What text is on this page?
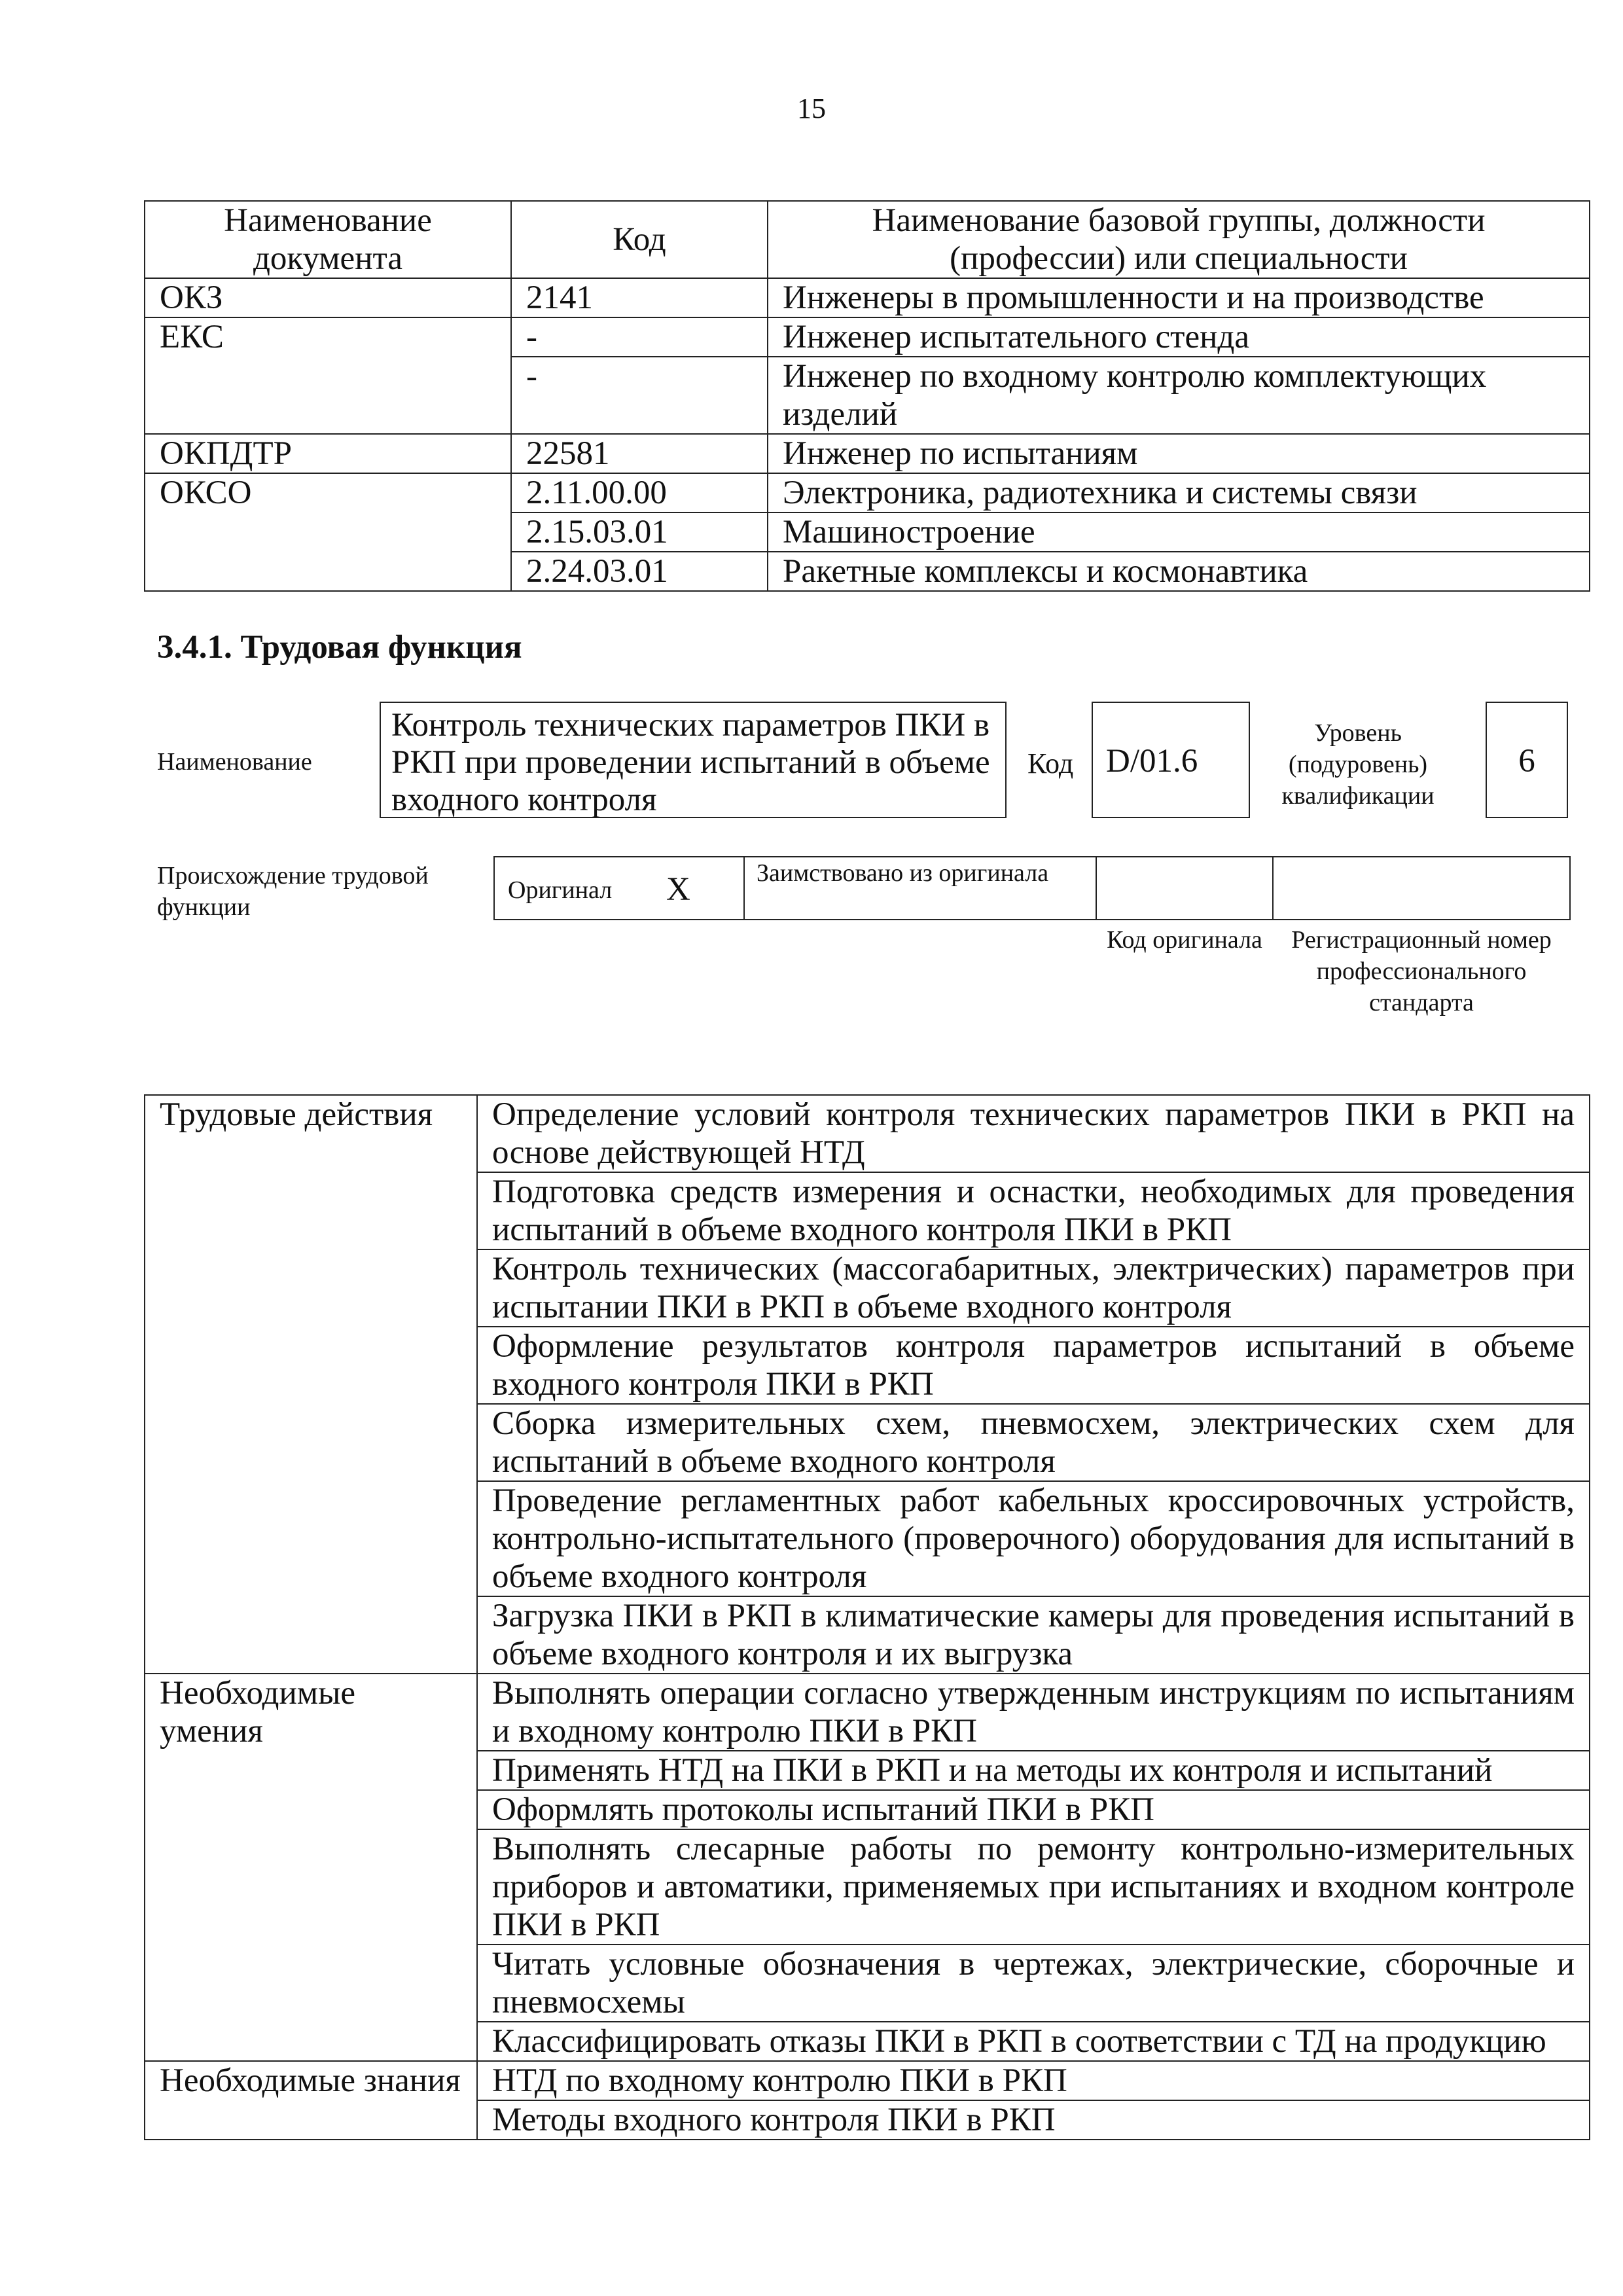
15
Наименование документа	Код	Наименование базовой группы, должности (профессии) или специальности
ОКЗ	2141	Инженеры в промышленности и на производстве
ЕКС	-	Инженер испытательного стенда
	-	Инженер по входному контролю комплектующих изделий
ОКПДТР	22581	Инженер по испытаниям
ОКСО	2.11.00.00	Электроника, радиотехника и системы связи
	2.15.03.01	Машиностроение
	2.24.03.01	Ракетные комплексы и космонавтика
3.4.1. Трудовая функция
Наименование
Контроль технических параметров ПКИ в РКП при проведении испытаний в объеме входного контроля
Код D/01.6
Уровень (подуровень) квалификации
6
Происхождение трудовой функции
Оригинал X	Заимствовано из оригинала
Код оригинала	Регистрационный номер профессионального стандарта
Трудовые действия	Определение условий контроля технических параметров ПКИ в РКП на основе действующей НТД
	Подготовка средств измерения и оснастки, необходимых для проведения испытаний в объеме входного контроля ПКИ в РКП
	Контроль технических (массогабаритных, электрических) параметров при испытании ПКИ в РКП в объеме входного контроля
	Оформление результатов контроля параметров испытаний в объеме входного контроля ПКИ в РКП
	Сборка измерительных схем, пневмосхем, электрических схем для испытаний в объеме входного контроля
	Проведение регламентных работ кабельных кроссировочных устройств, контрольно-испытательного (проверочного) оборудования для испытаний в объеме входного контроля
	Загрузка ПКИ в РКП в климатические камеры для проведения испытаний в объеме входного контроля и их выгрузка
Необходимые умения	Выполнять операции согласно утвержденным инструкциям по испытаниям и входному контролю ПКИ в РКП
	Применять НТД на ПКИ в РКП и на методы их контроля и испытаний
	Оформлять протоколы испытаний ПКИ в РКП
	Выполнять слесарные работы по ремонту контрольно-измерительных приборов и автоматики, применяемых при испытаниях и входном контроле ПКИ в РКП
	Читать условные обозначения в чертежах, электрические, сборочные и пневмосхемы
	Классифицировать отказы ПКИ в РКП в соответствии с ТД на продукцию
Необходимые знания	НТД по входному контролю ПКИ в РКП
	Методы входного контроля ПКИ в РКП
